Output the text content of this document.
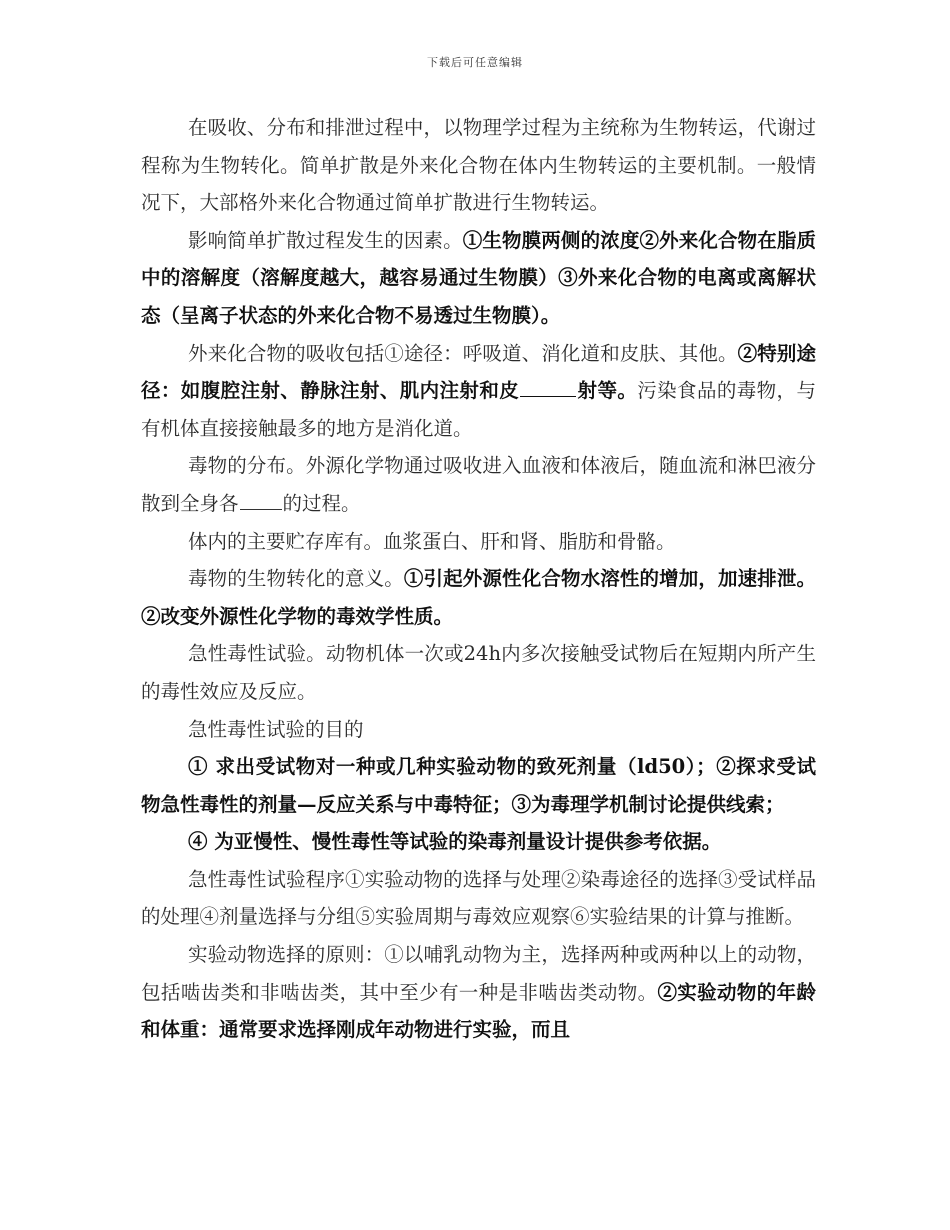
下载后可任意编辑

在吸收、分布和排泄过程中，以物理学过程为主统称为生物转运，代谢过程称为生物转化。简单扩散是外来化合物在体内生物转运的主要机制。一般情况下，大部格外来化合物通过简单扩散进行生物转运。

影响简单扩散过程发生的因素。①生物膜两侧的浓度②外来化合物在脂质中的溶解度（溶解度越大，越容易通过生物膜）③外来化合物的电离或离解状态（呈离子状态的外来化合物不易透过生物膜）。

外来化合物的吸收包括①途径：呼吸道、消化道和皮肤、其他。②特别途径：如腹腔注射、静脉注射、肌内注射和皮	射等。污染食品的毒物，与有机体直接接触最多的地方是消化道。

毒物的分布。外源化学物通过吸收进入血液和体液后，随血流和淋巴液分散到全身各 的过程。

体内的主要贮存库有。血浆蛋白、肝和肾、脂肪和骨骼。

毒物的生物转化的意义。①引起外源性化合物水溶性的增加，加速排泄。②改变外源性化学物的毒效学性质。

急性毒性试验。动物机体一次或24h内多次接触受试物后在短期内所产生的毒性效应及反应。

急性毒性试验的目的

① 求出受试物对一种或几种实验动物的致死剂量（ld50）；②探求受试物急性毒性的剂量—反应关系与中毒特征；③为毒理学机制讨论提供线索；

④ 为亚慢性、慢性毒性等试验的染毒剂量设计提供参考依据。

急性毒性试验程序①实验动物的选择与处理②染毒途径的选择③受试样品的处理④剂量选择与分组⑤实验周期与毒效应观察⑥实验结果的计算与推断。

实验动物选择的原则：①以哺乳动物为主，选择两种或两种以上的动物，包括啮齿类和非啮齿类，其中至少有一种是非啮齿类动物。②实验动物的年龄和体重：通常要求选择刚成年动物进行实验，而且
